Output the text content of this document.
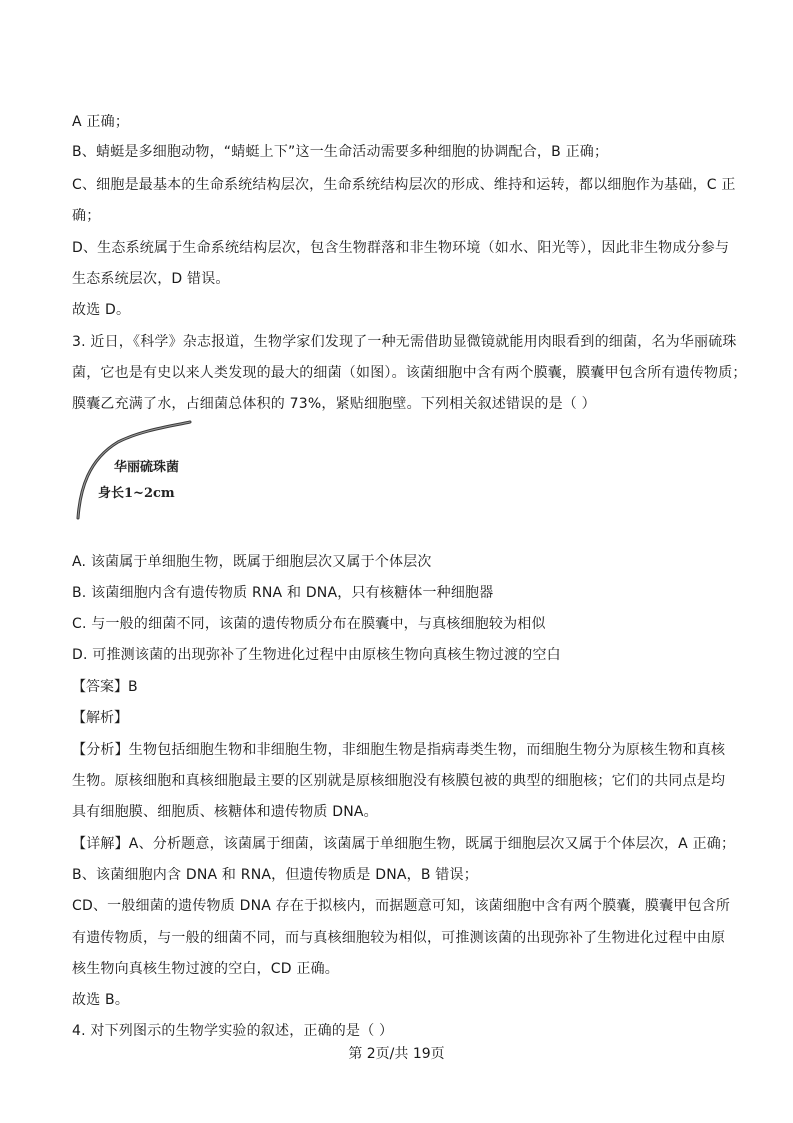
A 正确；
B、蜻蜓是多细胞动物，“蜻蜓上下”这一生命活动需要多种细胞的协调配合，B 正确；
C、细胞是最基本的生命系统结构层次，生命系统结构层次的形成、维持和运转，都以细胞作为基础，C 正
确；
D、生态系统属于生命系统结构层次，包含生物群落和非生物环境（如水、阳光等），因此非生物成分参与
生态系统层次，D 错误。
故选 D。
3. 近日，《科学》杂志报道，生物学家们发现了一种无需借助显微镜就能用肉眼看到的细菌，名为华丽硫珠
菌，它也是有史以来人类发现的最大的细菌（如图）。该菌细胞中含有两个膜囊，膜囊甲包含所有遗传物质；
膜囊乙充满了水，占细菌总体积的 73%，紧贴细胞壁。下列相关叙述错误的是（ ）
华丽硫珠菌
身长1~2cm
A. 该菌属于单细胞生物，既属于细胞层次又属于个体层次
B. 该菌细胞内含有遗传物质 RNA 和 DNA，只有核糖体一种细胞器
C. 与一般的细菌不同，该菌的遗传物质分布在膜囊中，与真核细胞较为相似
D. 可推测该菌的出现弥补了生物进化过程中由原核生物向真核生物过渡的空白
【答案】B
【解析】
【分析】生物包括细胞生物和非细胞生物，非细胞生物是指病毒类生物，而细胞生物分为原核生物和真核
生物。原核细胞和真核细胞最主要的区别就是原核细胞没有核膜包被的典型的细胞核；它们的共同点是均
具有细胞膜、细胞质、核糖体和遗传物质 DNA。
【详解】A、分析题意，该菌属于细菌，该菌属于单细胞生物，既属于细胞层次又属于个体层次，A 正确；
B、该菌细胞内含 DNA 和 RNA，但遗传物质是 DNA，B 错误；
CD、一般细菌的遗传物质 DNA 存在于拟核内，而据题意可知，该菌细胞中含有两个膜囊，膜囊甲包含所
有遗传物质，与一般的细菌不同，而与真核细胞较为相似，可推测该菌的出现弥补了生物进化过程中由原
核生物向真核生物过渡的空白，CD 正确。
故选 B。
4. 对下列图示的生物学实验的叙述，正确的是（ ）
第 2页/共 19页
